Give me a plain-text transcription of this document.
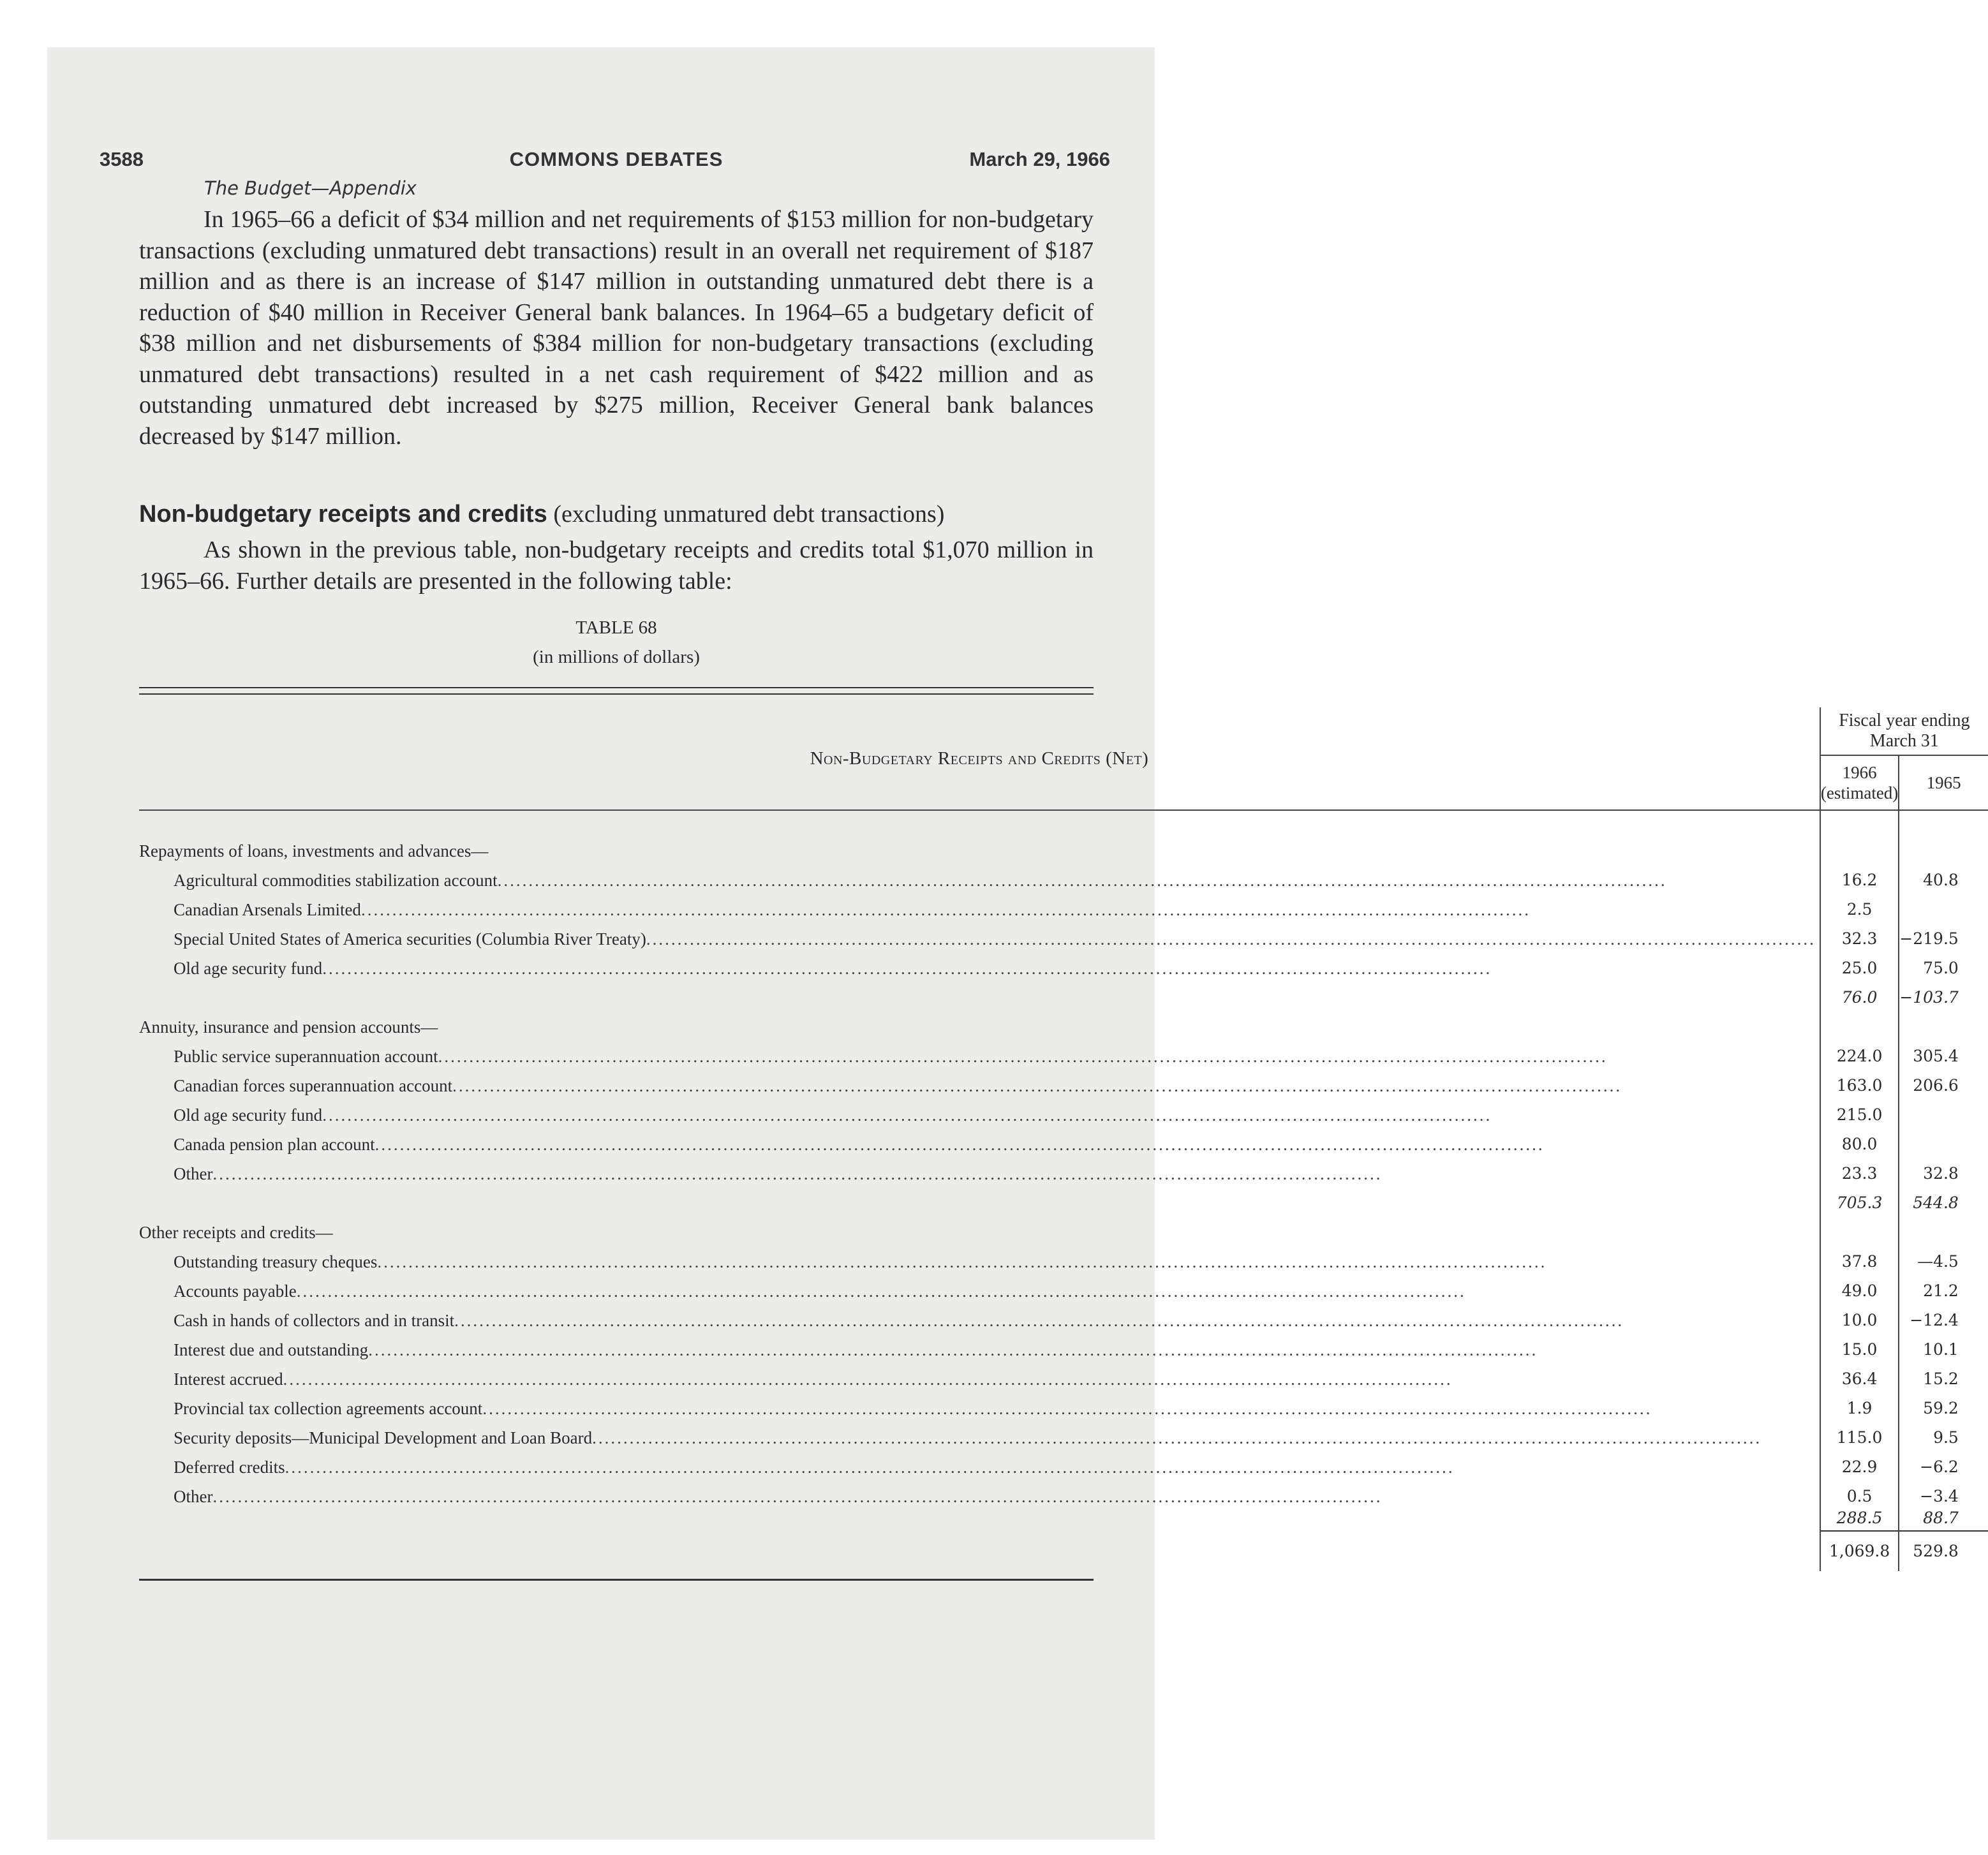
3588	COMMONS DEBATES	March 29, 1966
The Budget—Appendix

In 1965–66 a deficit of $34 million and net requirements of $153 million for non-budgetary transactions (excluding unmatured debt transactions) result in an overall net requirement of $187 million and as there is an increase of $147 million in outstanding unmatured debt there is a reduction of $40 million in Receiver General bank balances. In 1964–65 a budgetary deficit of $38 million and net disbursements of $384 million for non-budgetary transactions (excluding unmatured debt transactions) resulted in a net cash requirement of $422 million and as outstanding unmatured debt increased by $275 million, Receiver General bank balances decreased by $147 million.

Non-budgetary receipts and credits (excluding unmatured debt transactions)

As shown in the previous table, non-budgetary receipts and credits total $1,070 million in 1965–66. Further details are presented in the following table:

TABLE 68
(in millions of dollars)
Non-Budgetary Receipts and Credits (Net)	Fiscal year ending March 31	

	1966
(estimated)	1965

Repayments of loans, investments and advances—		

Agricultural commodities stabilization account
.....	16.2	40.8

Canadian Arsenals Limited
.....	2.5	

Special United States of America securities (Columbia River Treaty)
.....	32.3	−219.5

Old age security fund
.....	25.0	75.0
	76.0	−103.7
Annuity, insurance and pension accounts—		

Public service superannuation account
.....	224.0	305.4

Canadian forces superannuation account
.....	163.0	206.6

Old age security fund
.....	215.0	

Canada pension plan account
.....	80.0	

Other
.....	23.3	32.8
	705.3	544.8
Other receipts and credits—		

Outstanding treasury cheques
.....	37.8	—4.5

Accounts payable
.....	49.0	21.2

Cash in hands of collectors and in transit
.....	10.0	−12.4

Interest due and outstanding
.....	15.0	10.1

Interest accrued
.....	36.4	15.2

Provincial tax collection agreements account
.....	1.9	59.2

Security deposits—Municipal Development and Loan Board
.....	115.0	9.5

Deferred credits
.....	22.9	−6.2

Other
.....	0.5	−3.4
	288.5	88.7
	1,069.8	529.8
